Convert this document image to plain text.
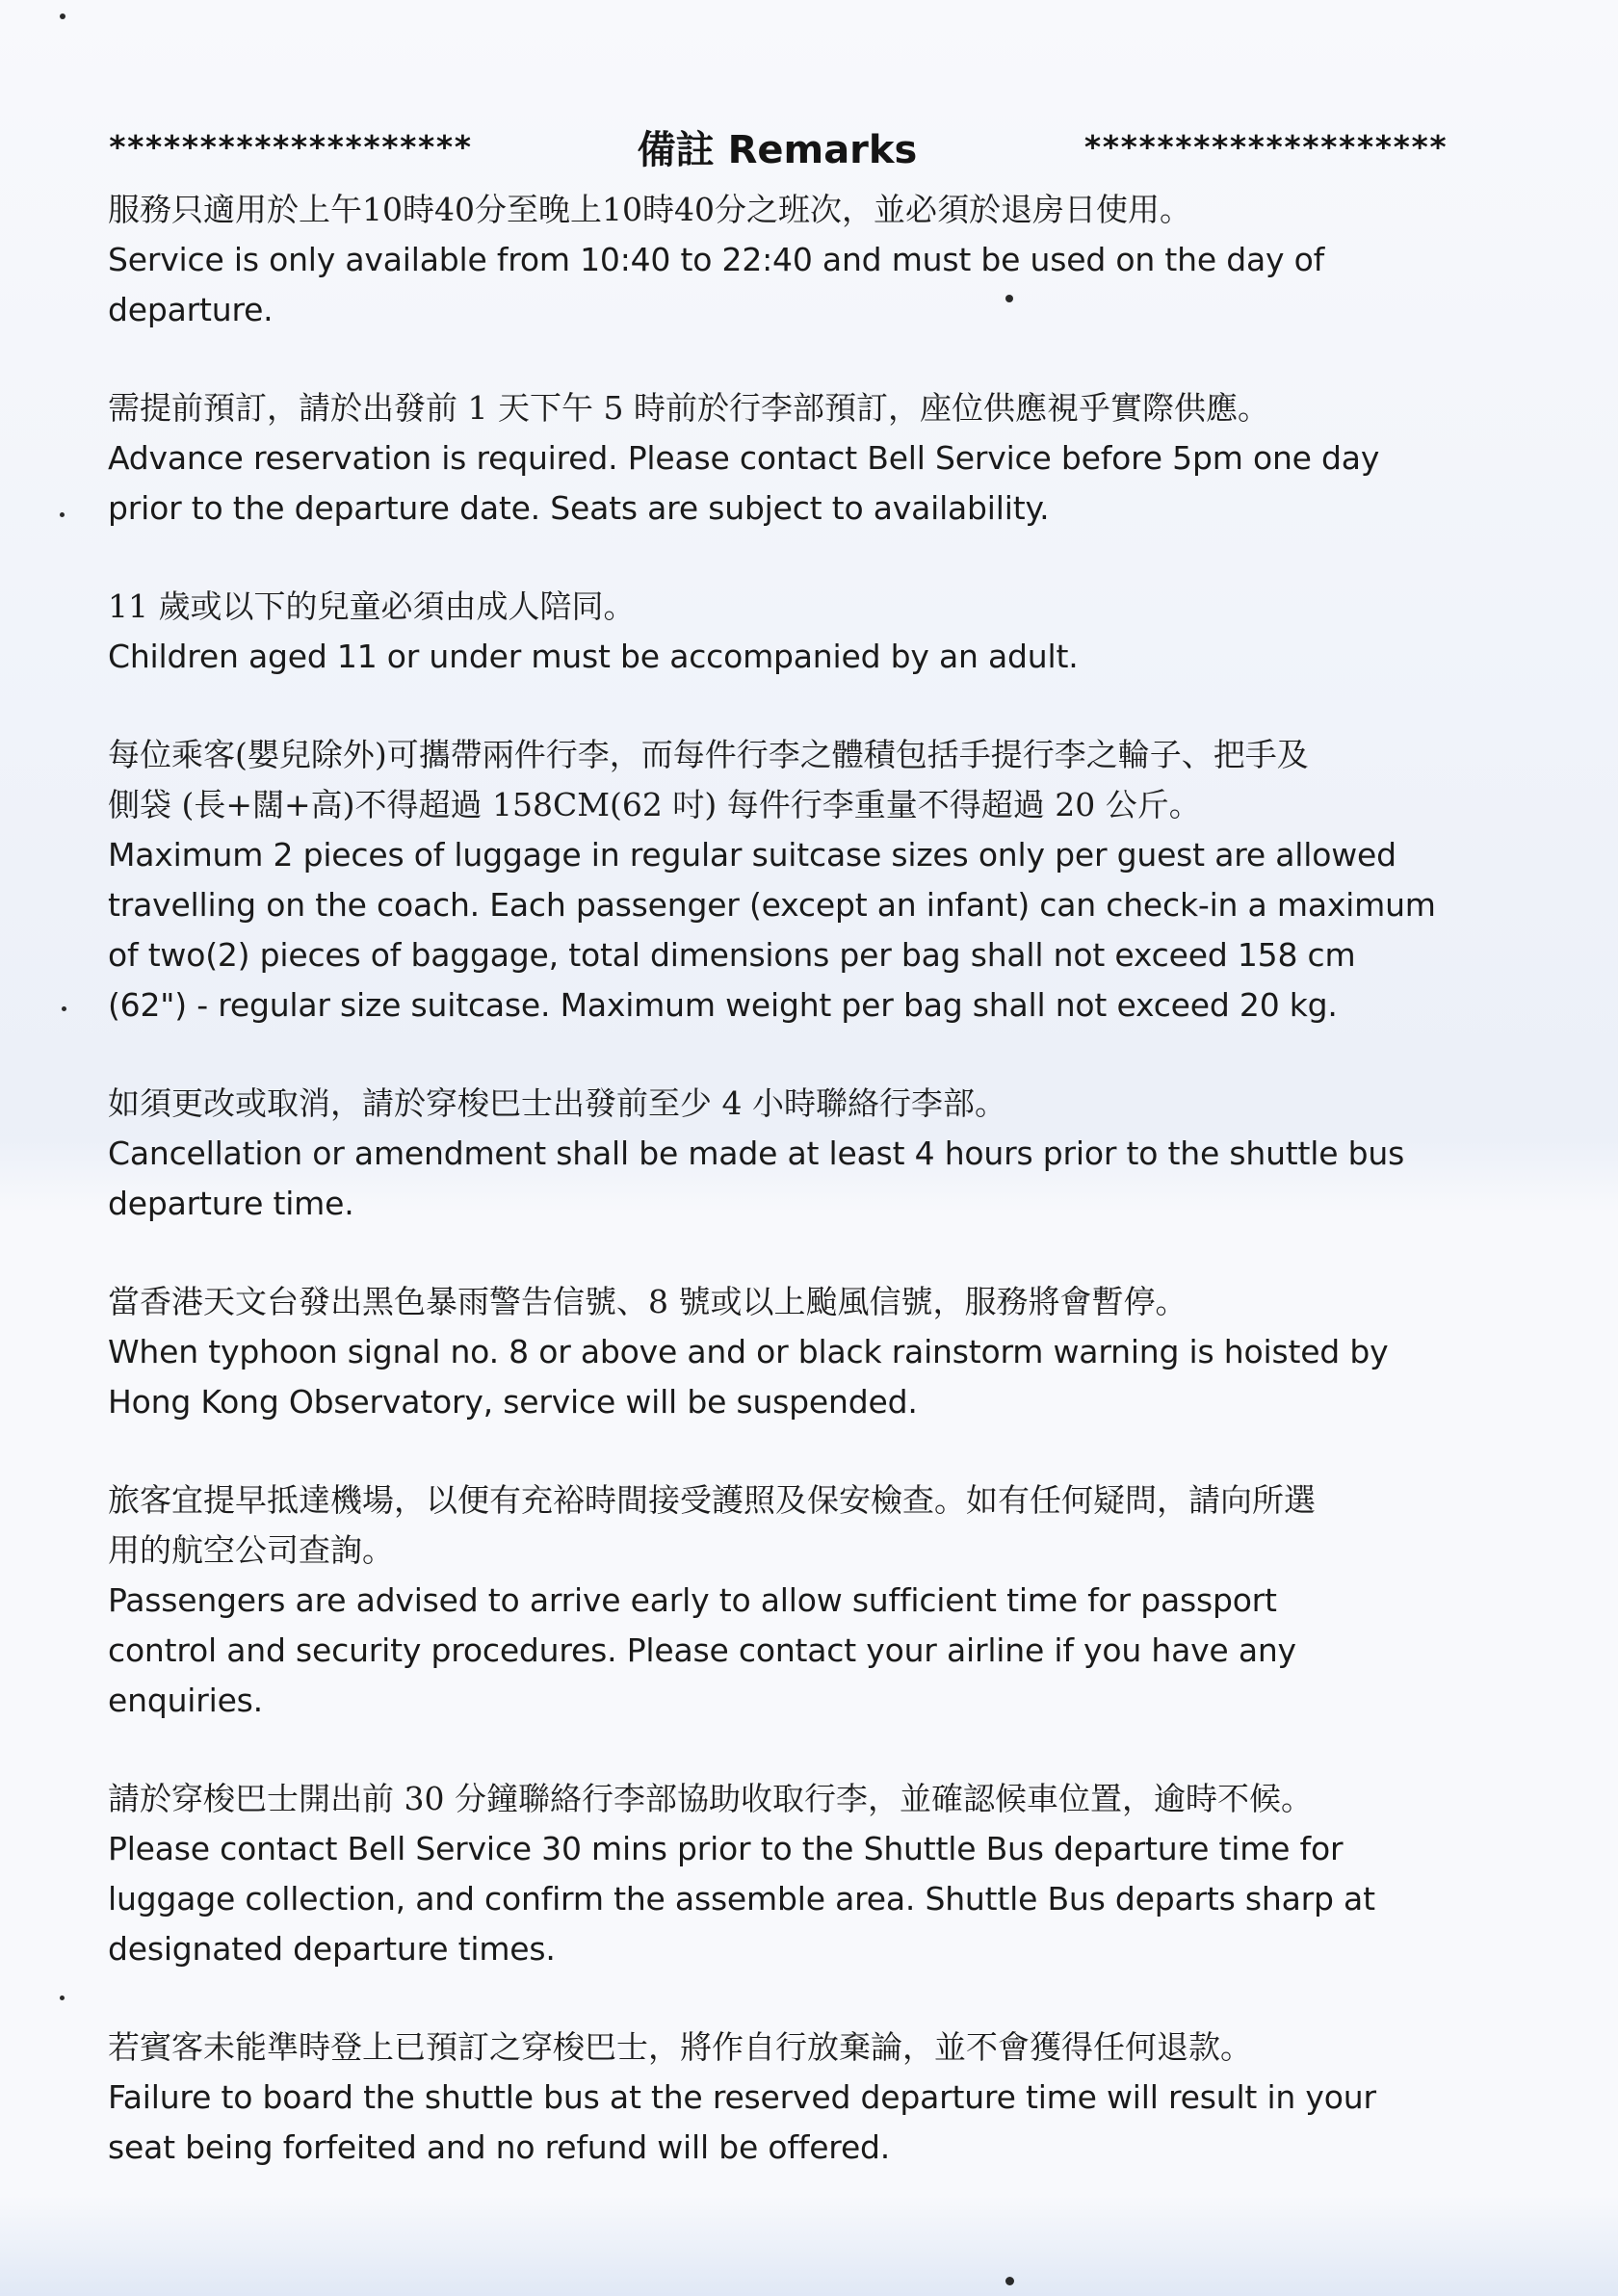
********************	備註 Remarks	********************

服務只適用於上午10時40分至晚上10時40分之班次，並必須於退房日使用。

Service is only available from 10:40 to 22:40 and must be used on the day of

departure.

需提前預訂，請於出發前 1 天下午 5 時前於行李部預訂，座位供應視乎實際供應。

Advance reservation is required. Please contact Bell Service before 5pm one day

prior to the departure date. Seats are subject to availability.

11 歲或以下的兒童必須由成人陪同。

Children aged 11 or under must be accompanied by an adult.

每位乘客(嬰兒除外)可攜帶兩件行李，而每件行李之體積包括手提行李之輪子、把手及

側袋 (長+闊+高)不得超過 158CM(62 吋) 每件行李重量不得超過 20 公斤。

Maximum 2 pieces of luggage in regular suitcase sizes only per guest are allowed

travelling on the coach. Each passenger (except an infant) can check-in a maximum

of two(2) pieces of baggage, total dimensions per bag shall not exceed 158 cm

(62") - regular size suitcase. Maximum weight per bag shall not exceed 20 kg.

如須更改或取消，請於穿梭巴士出發前至少 4 小時聯絡行李部。

Cancellation or amendment shall be made at least 4 hours prior to the shuttle bus

departure time.

當香港天文台發出黑色暴雨警告信號、8 號或以上颱風信號，服務將會暫停。

When typhoon signal no. 8 or above and or black rainstorm warning is hoisted by

Hong Kong Observatory, service will be suspended.

旅客宜提早抵達機場，以便有充裕時間接受護照及保安檢查。如有任何疑問，請向所選

用的航空公司查詢。

Passengers are advised to arrive early to allow sufficient time for passport

control and security procedures. Please contact your airline if you have any

enquiries.

請於穿梭巴士開出前 30 分鐘聯絡行李部協助收取行李，並確認候車位置，逾時不候。

Please contact Bell Service 30 mins prior to the Shuttle Bus departure time for

luggage collection, and confirm the assemble area. Shuttle Bus departs sharp at

designated departure times.

若賓客未能準時登上已預訂之穿梭巴士，將作自行放棄論，並不會獲得任何退款。

Failure to board the shuttle bus at the reserved departure time will result in your

seat being forfeited and no refund will be offered.
